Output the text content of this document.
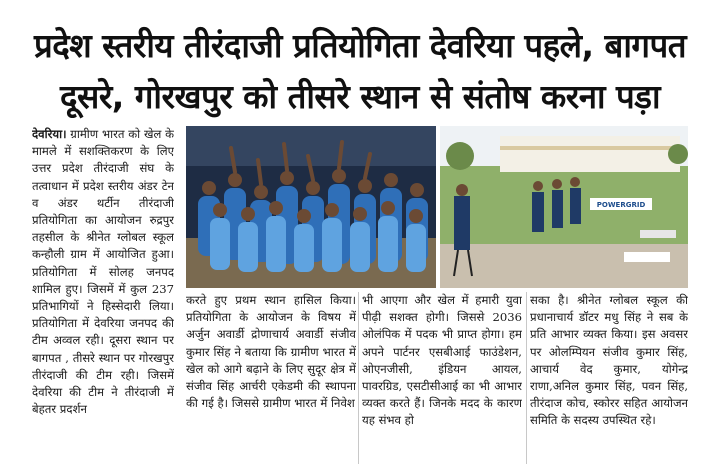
प्रदेश स्तरीय तीरंदाजी प्रतियोगिता देवरिया पहले, बागपत
दूसरे, गोरखपुर को तीसरे स्थान से संतोष करना पड़ा

देवरिया। ग्रामीण भारत को खेल के मामले में सशक्तिकरण के लिए उत्तर प्रदेश तीरंदाजी संघ के तत्वाधान में प्रदेश स्तरीय अंडर टेन व अंडर थर्टीन तीरंदाजी प्रतियोगिता का आयोजन रुद्रपुर तहसील के श्रीनेत ग्लोबल स्कूल कन्हौली ग्राम में आयोजित हुआ। प्रतियोगिता में सोलह जनपद शामिल हुए। जिसमें में कुल 237 प्रतिभागियों ने हिस्सेदारी लिया। प्रतियोगिता में देवरिया जनपद की टीम अव्वल रही। दूसरा स्थान पर बागपत , तीसरे स्थान पर गोरखपुर तीरंदाजी की टीम रही। जिसमें देवरिया की टीम ने तीरंदाजी में बेहतर प्रदर्शन

POWERGRID
करते हुए प्रथम स्थान हासिल किया। प्रतियोगिता के आयोजन के विषय में अर्जुन अवार्डी द्रोणाचार्य अवार्डी संजीव कुमार सिंह ने बताया कि ग्रामीण भारत में खेल को आगे बढ़ाने के लिए सुदूर क्षेत्र में संजीव सिंह आर्चरी एकेडमी की स्थापना की गई है। जिससे ग्रामीण भारत में निवेश
भी आएगा और खेल में हमारी युवा पीढ़ी सशक्त होगी। जिससे 2036 ओलंपिक में पदक भी प्राप्त होगा। हम अपने पार्टनर एसबीआई फाउंडेशन, ओएनजीसी, इंडियन आयल, पावरग्रिड, एसटीसीआई का भी आभार व्यक्त करते हैं। जिनके मदद के कारण यह संभव हो
सका है। श्रीनेत ग्लोबल स्कूल की प्रधानाचार्य डॉटर मधु सिंह ने सब के प्रति आभार व्यक्त किया। इस अवसर पर ओलम्पियन संजीव कुमार सिंह, आचार्य वेद कुमार, योगेन्द्र राणा,अनिल कुमार सिंह, पवन सिंह, तीरंदाज कोच, स्कोरर सहित आयोजन समिति के सदस्य उपस्थित रहे।
